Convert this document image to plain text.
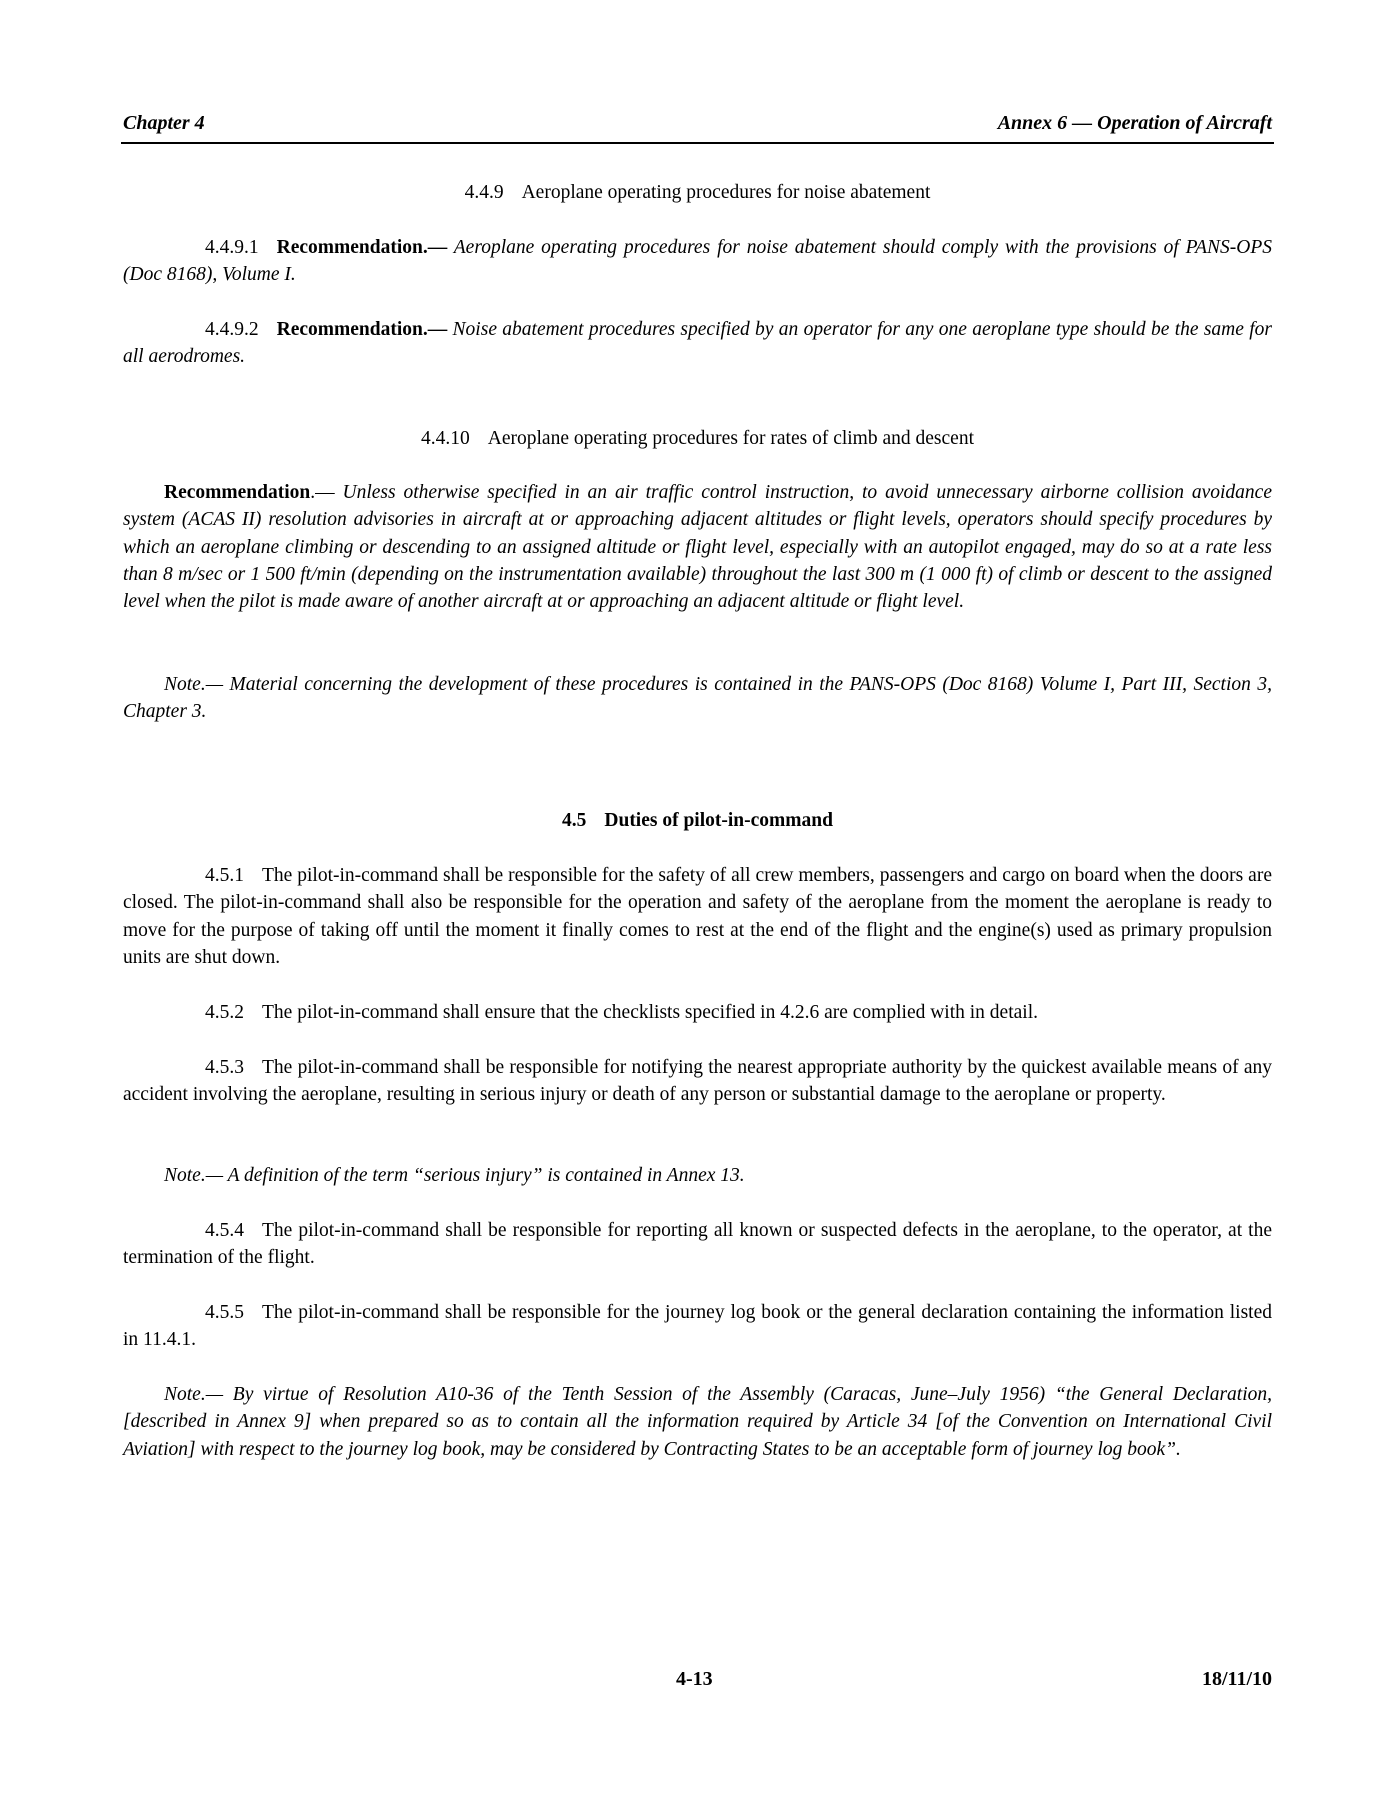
Chapter 4	Annex 6 — Operation of Aircraft

4.4.9 Aeroplane operating procedures for noise abatement

4.4.9.1 Recommendation.— Aeroplane operating procedures for noise abatement should comply with the provisions of PANS-OPS (Doc 8168), Volume I.

4.4.9.2 Recommendation.— Noise abatement procedures specified by an operator for any one aeroplane type should be the same for all aerodromes.

4.4.10 Aeroplane operating procedures for rates of climb and descent

Recommendation.— Unless otherwise specified in an air traffic control instruction, to avoid unnecessary airborne collision avoidance system (ACAS II) resolution advisories in aircraft at or approaching adjacent altitudes or flight levels, operators should specify procedures by which an aeroplane climbing or descending to an assigned altitude or flight level, especially with an autopilot engaged, may do so at a rate less than 8 m/sec or 1 500 ft/min (depending on the instrumentation available) throughout the last 300 m (1 000 ft) of climb or descent to the assigned level when the pilot is made aware of another aircraft at or approaching an adjacent altitude or flight level.

Note.— Material concerning the development of these procedures is contained in the PANS-OPS (Doc 8168) Volume I, Part III, Section 3, Chapter 3.

4.5 Duties of pilot-in-command

4.5.1 The pilot-in-command shall be responsible for the safety of all crew members, passengers and cargo on board when the doors are closed. The pilot-in-command shall also be responsible for the operation and safety of the aeroplane from the moment the aeroplane is ready to move for the purpose of taking off until the moment it finally comes to rest at the end of the flight and the engine(s) used as primary propulsion units are shut down.

4.5.2 The pilot-in-command shall ensure that the checklists specified in 4.2.6 are complied with in detail.

4.5.3 The pilot-in-command shall be responsible for notifying the nearest appropriate authority by the quickest available means of any accident involving the aeroplane, resulting in serious injury or death of any person or substantial damage to the aeroplane or property.

Note.— A definition of the term “serious injury” is contained in Annex 13.

4.5.4 The pilot-in-command shall be responsible for reporting all known or suspected defects in the aeroplane, to the operator, at the termination of the flight.

4.5.5 The pilot-in-command shall be responsible for the journey log book or the general declaration containing the information listed in 11.4.1.

Note.— By virtue of Resolution A10-36 of the Tenth Session of the Assembly (Caracas, June–July 1956) “the General Declaration, [described in Annex 9] when prepared so as to contain all the information required by Article 34 [of the Convention on International Civil Aviation] with respect to the journey log book, may be considered by Contracting States to be an acceptable form of journey log book”.

4-13	18/11/10
